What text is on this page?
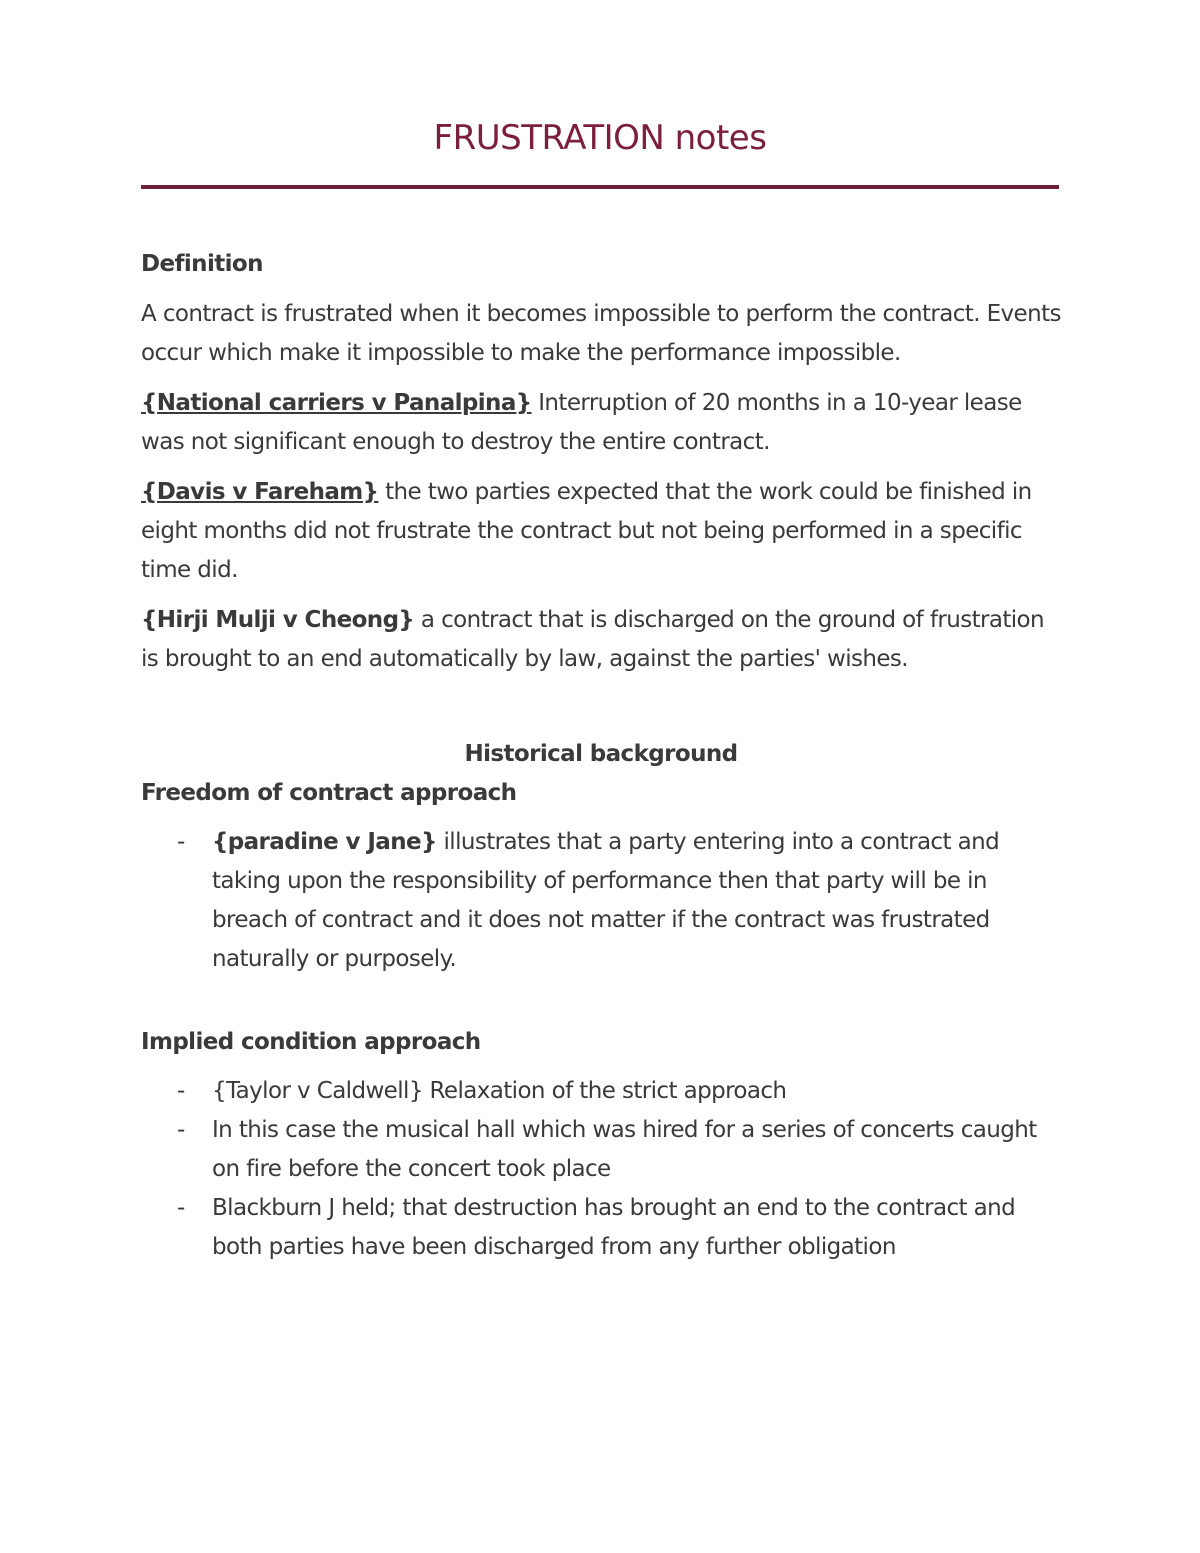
FRUSTRATION notes
Definition

A contract is frustrated when it becomes impossible to perform the contract. Events occur which make it impossible to make the performance impossible.

{National carriers v Panalpina} Interruption of 20 months in a 10-year lease was not significant enough to destroy the entire contract.

{Davis v Fareham} the two parties expected that the work could be finished in eight months did not frustrate the contract but not being performed in a specific time did.

{Hirji Mulji v Cheong} a contract that is discharged on the ground of frustration is brought to an end automatically by law, against the parties' wishes.

Historical background
Freedom of contract approach
- {paradine v Jane} illustrates that a party entering into a contract and taking upon the responsibility of performance then that party will be in breach of contract and it does not matter if the contract was frustrated naturally or purposely.
Implied condition approach
- {Taylor v Caldwell} Relaxation of the strict approach
- In this case the musical hall which was hired for a series of concerts caught on fire before the concert took place
- Blackburn J held; that destruction has brought an end to the contract and both parties have been discharged from any further obligation
